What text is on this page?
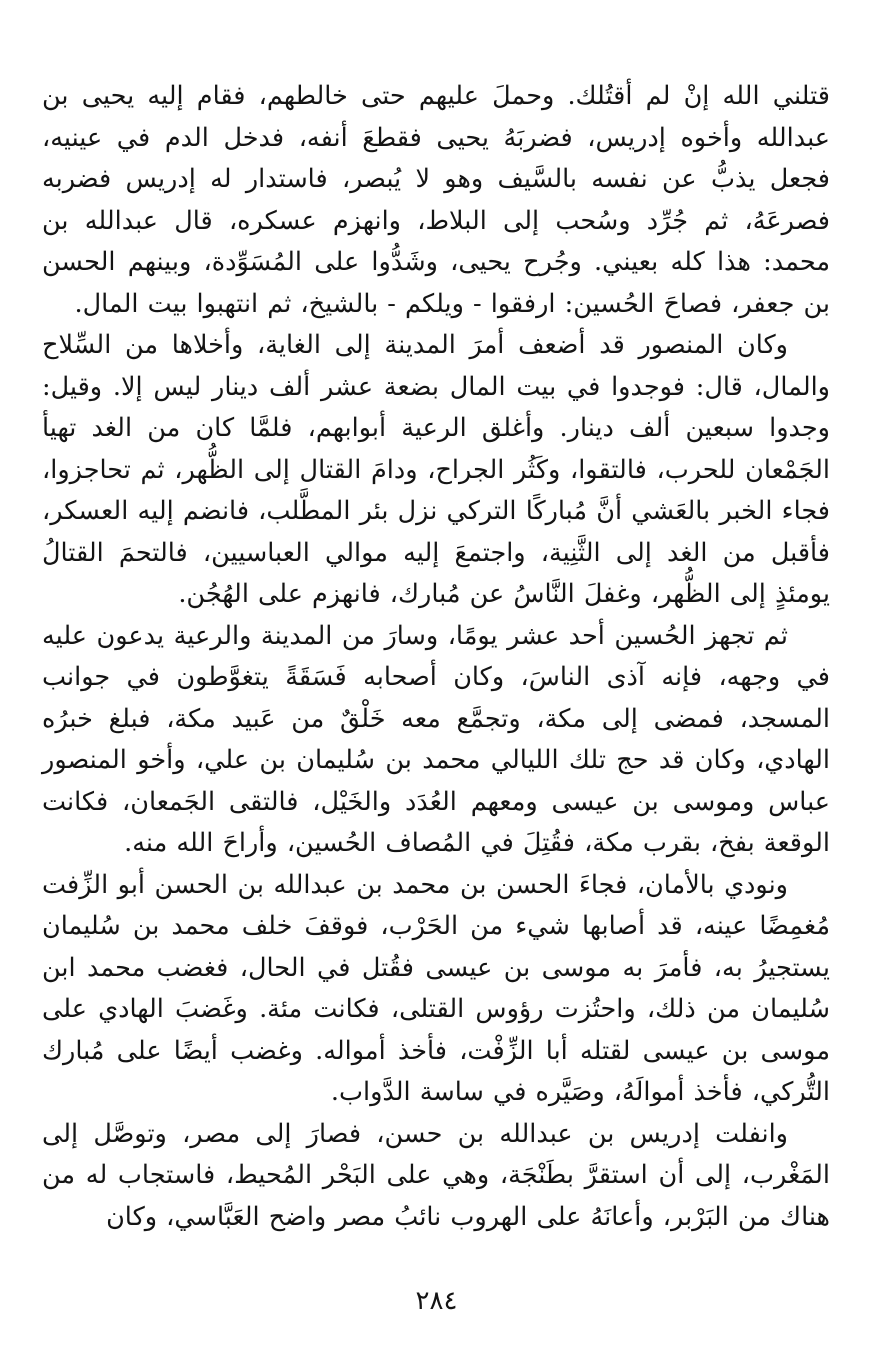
قتلني الله إنْ لم أقتُلك. وحملَ عليهم حتى خالطهم، فقام إليه يحيى بن عبدالله وأخوه إدريس، فضربَهُ يحيى فقطعَ أنفه، فدخل الدم في عينيه، فجعل يذبُّ عن نفسه بالسَّيف وهو لا يُبصر، فاستدار له إدريس فضربه فصرعَهُ، ثم جُرِّد وسُحب إلى البلاط، وانهزم عسكره، قال عبدالله بن محمد: هذا كله بعيني. وجُرح يحيى، وشَدُّوا على المُسَوِّدة، وبينهم الحسن بن جعفر، فصاحَ الحُسين: ارفقوا - ويلكم - بالشيخ، ثم انتهبوا بيت المال.

وكان المنصور قد أضعف أمرَ المدينة إلى الغاية، وأخلاها من السِّلاح والمال، قال: فوجدوا في بيت المال بضعة عشر ألف دينار ليس إلا. وقيل: وجدوا سبعين ألف دينار. وأغلق الرعية أبوابهم، فلمَّا كان من الغد تهيأ الجَمْعان للحرب، فالتقوا، وكَثُر الجراح، ودامَ القتال إلى الظُّهر، ثم تحاجزوا، فجاء الخبر بالعَشي أنَّ مُباركًا التركي نزل بئر المطَّلب، فانضم إليه العسكر، فأقبل من الغد إلى الثَّنِية، واجتمعَ إليه موالي العباسيين، فالتحمَ القتالُ يومئذٍ إلى الظُّهر، وغفلَ النَّاسُ عن مُبارك، فانهزم على الهُجُن.

ثم تجهز الحُسين أحد عشر يومًا، وسارَ من المدينة والرعية يدعون عليه في وجهه، فإنه آذى الناسَ، وكان أصحابه فَسَقَةً يتغوَّطون في جوانب المسجد، فمضى إلى مكة، وتجمَّع معه خَلْقٌ من عَبيد مكة، فبلغ خبرُه الهادي، وكان قد حج تلك الليالي محمد بن سُليمان بن علي، وأخو المنصور عباس وموسى بن عيسى ومعهم العُدَد والخَيْل، فالتقى الجَمعان، فكانت الوقعة بفخ، بقرب مكة، فقُتِلَ في المُصاف الحُسين، وأراحَ الله منه.

ونودي بالأمان، فجاءَ الحسن بن محمد بن عبدالله بن الحسن أبو الزِّفت مُغمِضًا عينه، قد أصابها شيء من الحَرْب، فوقفَ خلف محمد بن سُليمان يستجيرُ به، فأمرَ به موسى بن عيسى فقُتل في الحال، فغضب محمد ابن سُليمان من ذلك، واحتُزت رؤوس القتلى، فكانت مئة. وغَضبَ الهادي على موسى بن عيسى لقتله أبا الزِّفْت، فأخذ أمواله. وغضب أيضًا على مُبارك التُّركي، فأخذ أموالَهُ، وصَيَّره في ساسة الدَّواب.

وانفلت إدريس بن عبدالله بن حسن، فصارَ إلى مصر، وتوصَّل إلى المَغْرب، إلى أن استقرَّ بطَنْجَة، وهي على البَحْر المُحيط، فاستجاب له من هناك من البَرْبر، وأعانَهُ على الهروب نائبُ مصر واضح العَبَّاسي، وكان

٢٨٤
